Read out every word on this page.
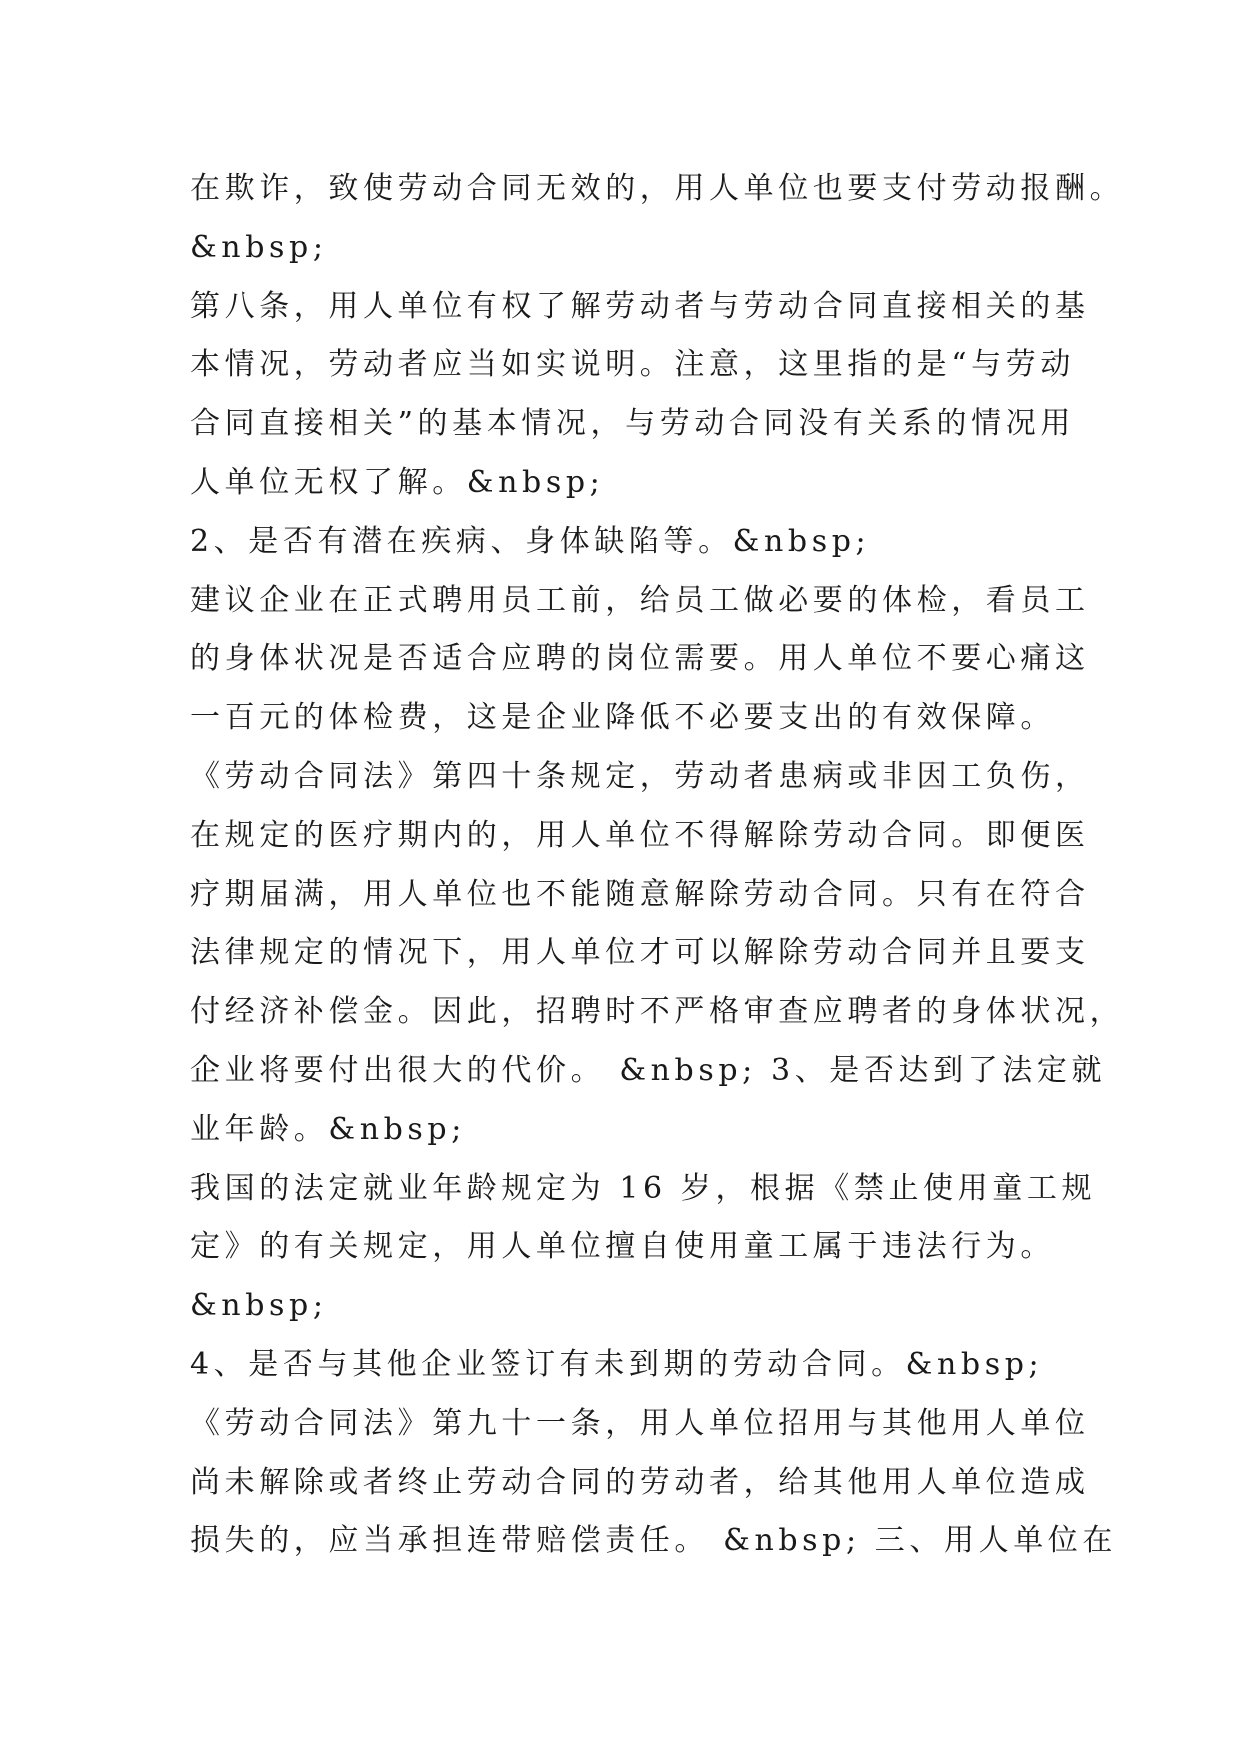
在欺诈，致使劳动合同无效的，用人单位也要支付劳动报酬。
&nbsp;
第八条，用人单位有权了解劳动者与劳动合同直接相关的基
本情况，劳动者应当如实说明。注意，这里指的是“与劳动
合同直接相关”的基本情况，与劳动合同没有关系的情况用
人单位无权了解。&nbsp;
2、是否有潜在疾病、身体缺陷等。&nbsp;
建议企业在正式聘用员工前，给员工做必要的体检，看员工
的身体状况是否适合应聘的岗位需要。用人单位不要心痛这
一百元的体检费，这是企业降低不必要支出的有效保障。
《劳动合同法》第四十条规定，劳动者患病或非因工负伤，
在规定的医疗期内的，用人单位不得解除劳动合同。即便医
疗期届满，用人单位也不能随意解除劳动合同。只有在符合
法律规定的情况下，用人单位才可以解除劳动合同并且要支
付经济补偿金。因此，招聘时不严格审查应聘者的身体状况，
企业将要付出很大的代价。 &nbsp; 3、是否达到了法定就
业年龄。&nbsp;
我国的法定就业年龄规定为 16 岁，根据《禁止使用童工规
定》的有关规定，用人单位擅自使用童工属于违法行为。
&nbsp;
4、是否与其他企业签订有未到期的劳动合同。&nbsp;
《劳动合同法》第九十一条，用人单位招用与其他用人单位
尚未解除或者终止劳动合同的劳动者，给其他用人单位造成
损失的，应当承担连带赔偿责任。 &nbsp; 三、用人单位在
